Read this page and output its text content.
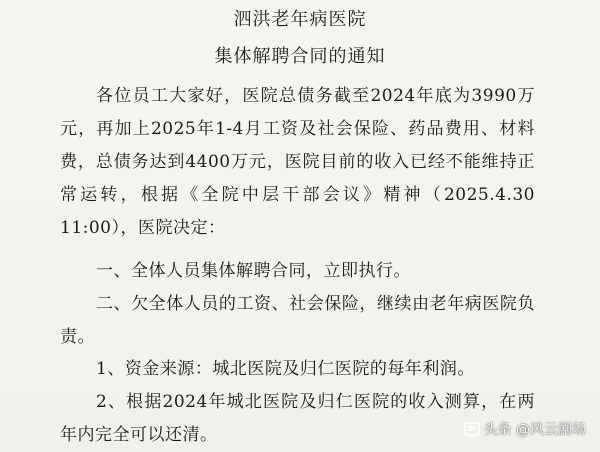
泗洪老年病医院
集体解聘合同的通知
各位员工大家好，医院总债务截至2024年底为3990万元，再加上2025年1-4月工资及社会保险、药品费用、材料费，总债务达到4400万元，医院目前的收入已经不能维持正常运转，根据《全院中层干部会议》精神（2025.4.30 11:00），医院决定：
一、全体人员集体解聘合同，立即执行。
二、欠全体人员的工资、社会保险，继续由老年病医院负责。
1、资金来源：城北医院及归仁医院的每年利润。
2、根据2024年城北医院及归仁医院的收入测算，在两年内完全可以还清。	头条 @风云剧场
